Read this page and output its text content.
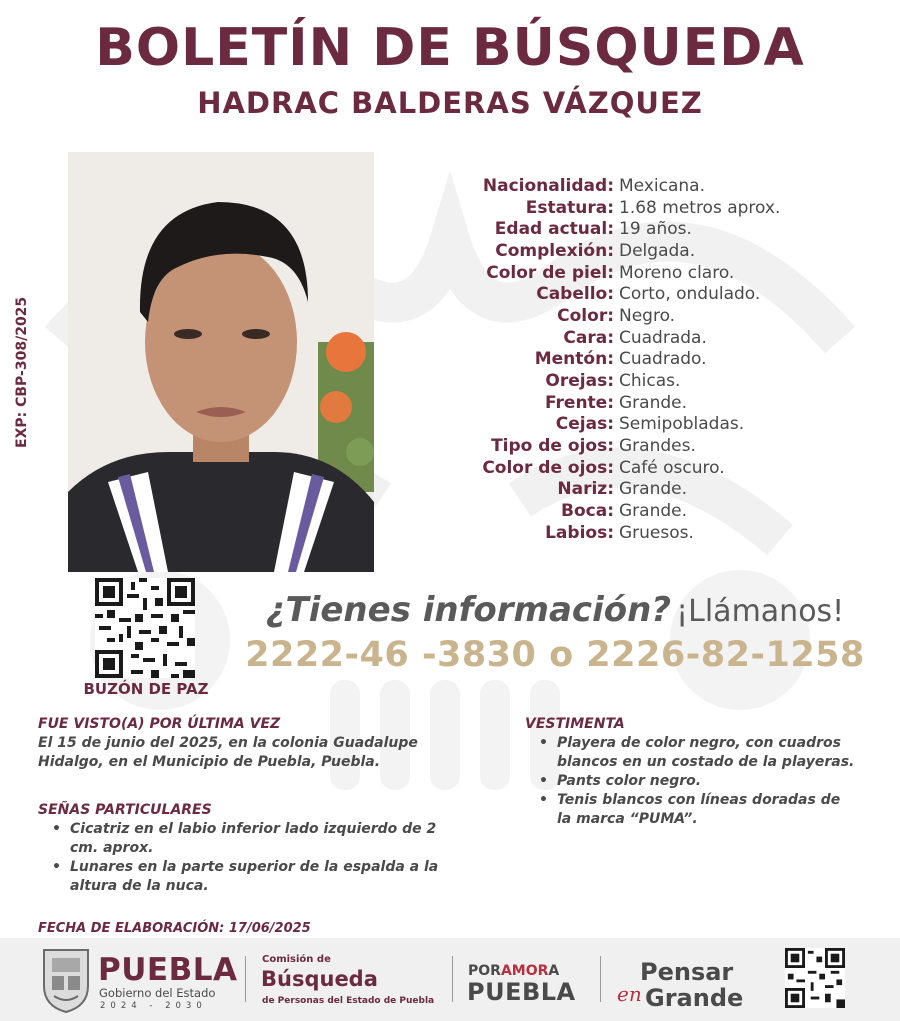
BOLETÍN DE BÚSQUEDA
HADRAC BALDERAS VÁZQUEZ
EXP: CBP-308/2025
Nacionalidad: Mexicana.
Estatura: 1.68 metros aprox.
Edad actual: 19 años.
Complexión: Delgada.
Color de piel: Moreno claro.
Cabello: Corto, ondulado.
Color: Negro.
Cara: Cuadrada.
Mentón: Cuadrado.
Orejas: Chicas.
Frente: Grande.
Cejas: Semipobladas.
Tipo de ojos: Grandes.
Color de ojos: Café oscuro.
Nariz: Grande.
Boca: Grande.
Labios: Gruesos.
BUZÓN DE PAZ
¿Tienes información? ¡Llámanos!
2222-46 -3830 o 2226-82-1258
FUE VISTO(A) POR ÚLTIMA VEZ
El 15 de junio del 2025, en la colonia Guadalupe Hidalgo, en el Municipio de Puebla, Puebla.
SEÑAS PARTICULARES
• Cicatriz en el labio inferior lado izquierdo de 2 cm. aprox.
• Lunares en la parte superior de la espalda a la altura de la nuca.
VESTIMENTA
• Playera de color negro, con cuadros blancos en un costado de la playeras.
• Pants color negro.
• Tenis blancos con líneas doradas de la marca “PUMA”.
FECHA DE ELABORACIÓN: 17/06/2025
PUEBLA
Gobierno del Estado
2024 - 2030
Comisión de
Búsqueda
de Personas del Estado de Puebla
PORAMORA
PUEBLA
Pensar
en Grande
